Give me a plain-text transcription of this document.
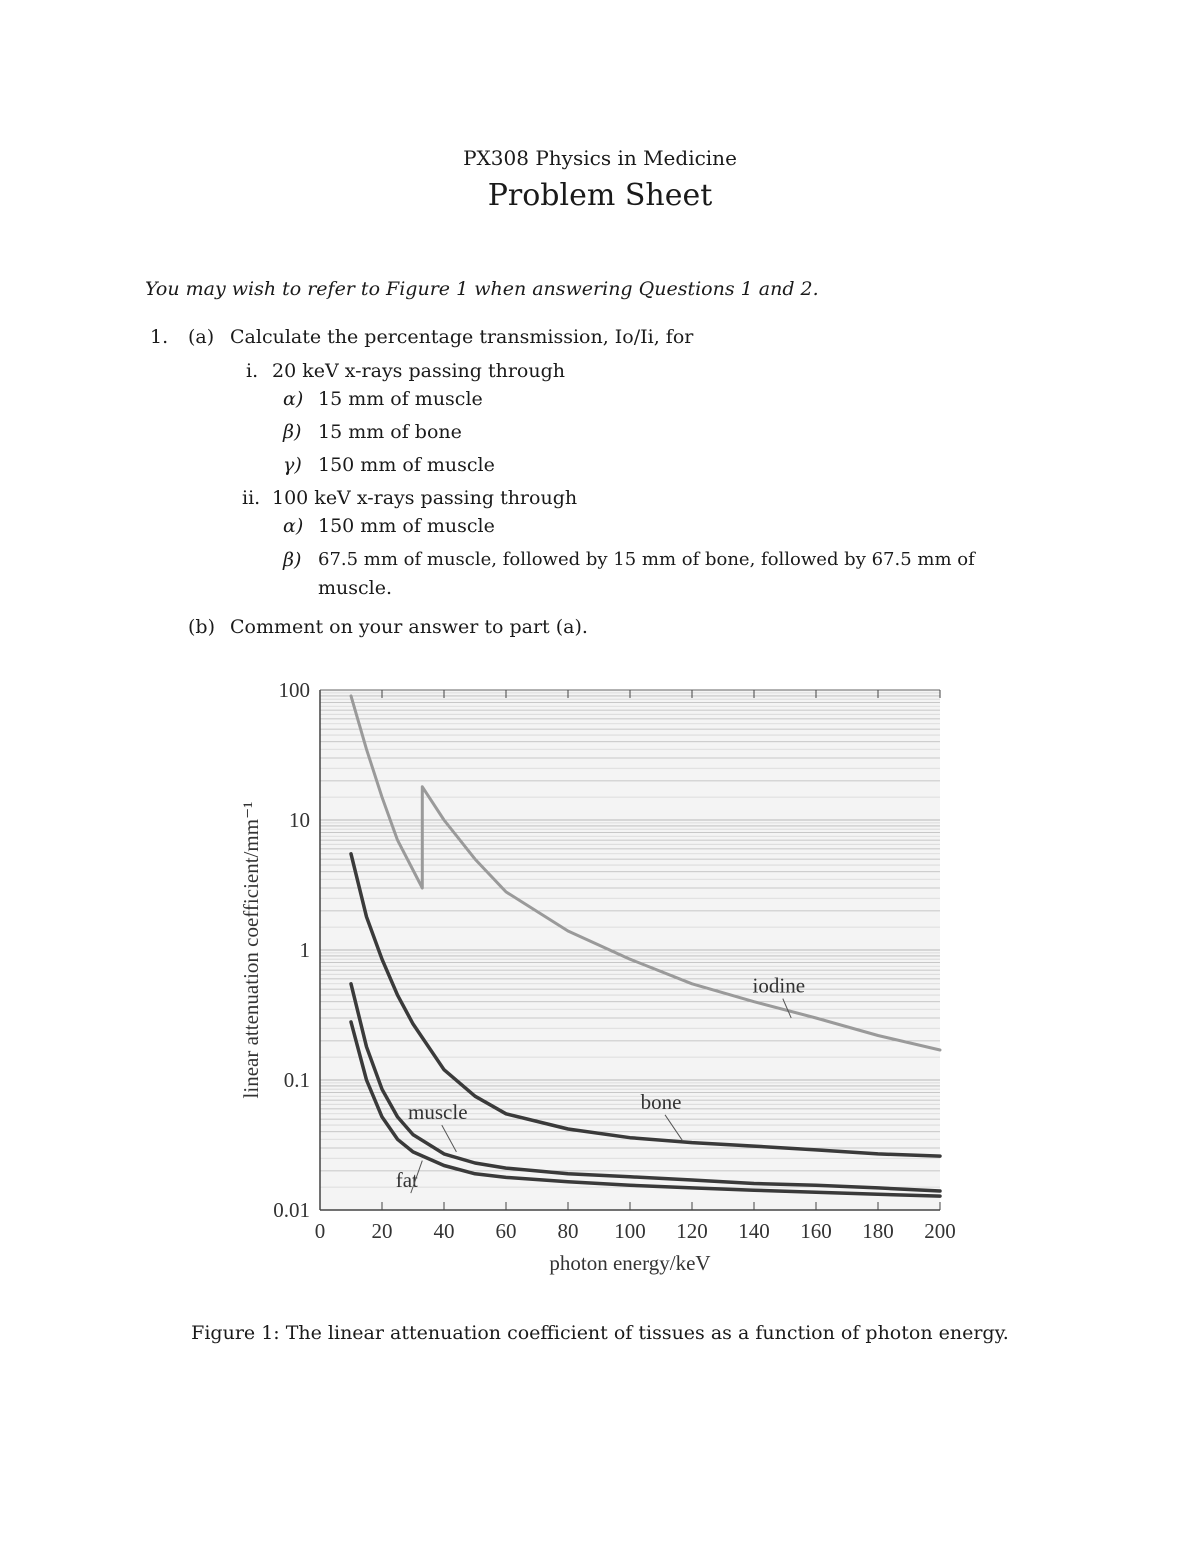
PX308 Physics in Medicine
Problem Sheet
You may wish to refer to Figure 1 when answering Questions 1 and 2.
1. (a) Calculate the percentage transmission, Io/Ii, for
i. 20 keV x-rays passing through
α) 15 mm of muscle
β) 15 mm of bone
γ) 150 mm of muscle
ii. 100 keV x-rays passing through
α) 150 mm of muscle
β) 67.5 mm of muscle, followed by 15 mm of bone, followed by 67.5 mm of
muscle.
(b) Comment on your answer to part (a).
0 20 40 60 80 100 120 140 160 180 200
0.01
0.1
1
10
100
photon energy/keV
linear attenuation coefficient/mm⁻¹	iodine
bone
muscle
fat
Figure 1: The linear attenuation coefficient of tissues as a function of photon energy.
